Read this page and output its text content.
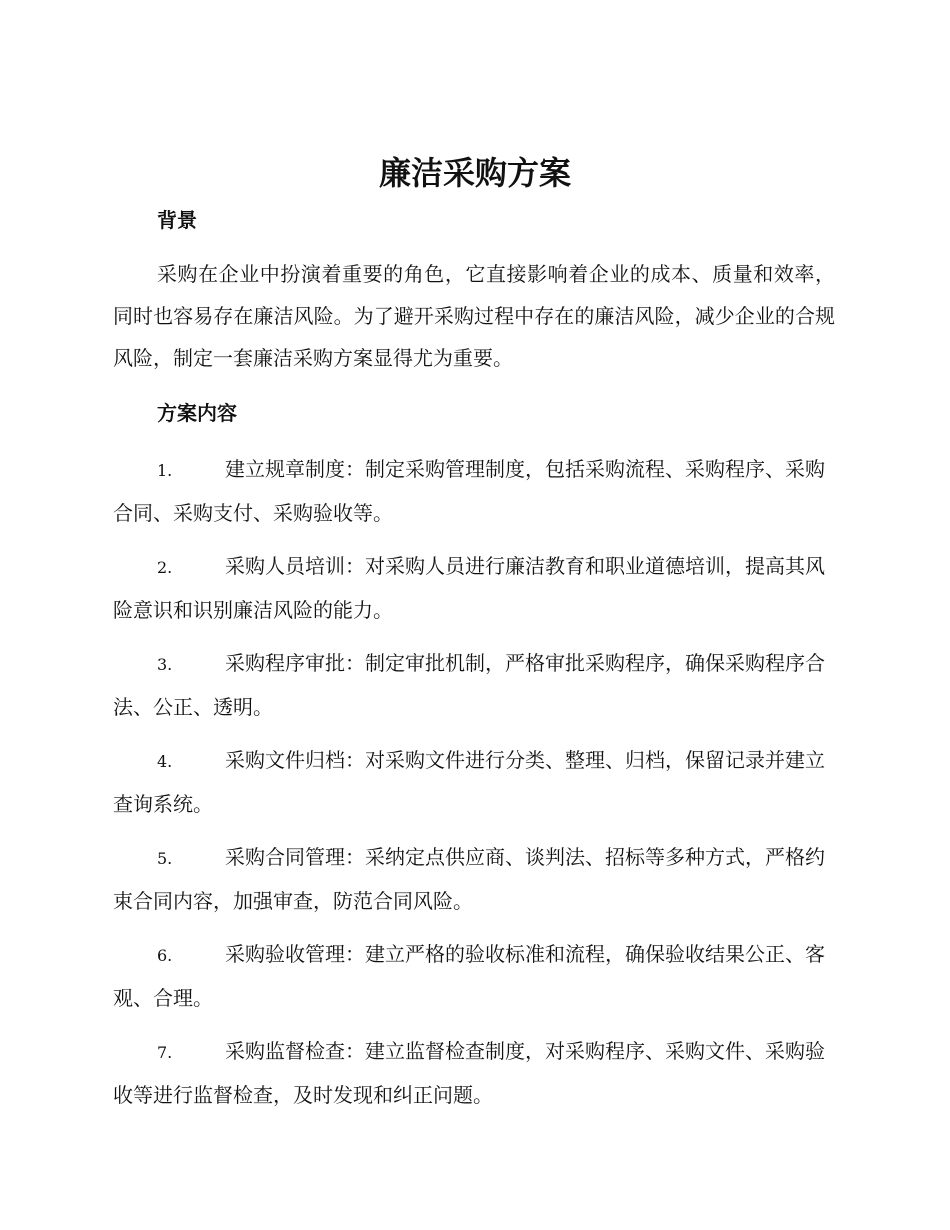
廉洁采购方案
背景

采购在企业中扮演着重要的角色，它直接影响着企业的成本、质量和效率，同时也容易存在廉洁风险。为了避开采购过程中存在的廉洁风险，减少企业的合规风险，制定一套廉洁采购方案显得尤为重要。

方案内容

1.	建立规章制度：制定采购管理制度，包括采购流程、采购程序、采购合同、采购支付、采购验收等。

2.	采购人员培训：对采购人员进行廉洁教育和职业道德培训，提高其风险意识和识别廉洁风险的能力。

3.	采购程序审批：制定审批机制，严格审批采购程序，确保采购程序合法、公正、透明。

4.	采购文件归档：对采购文件进行分类、整理、归档，保留记录并建立查询系统。

5.	采购合同管理：采纳定点供应商、谈判法、招标等多种方式，严格约束合同内容，加强审查，防范合同风险。

6.	采购验收管理：建立严格的验收标准和流程，确保验收结果公正、客观、合理。

7.	采购监督检查：建立监督检查制度，对采购程序、采购文件、采购验收等进行监督检查，及时发现和纠正问题。
